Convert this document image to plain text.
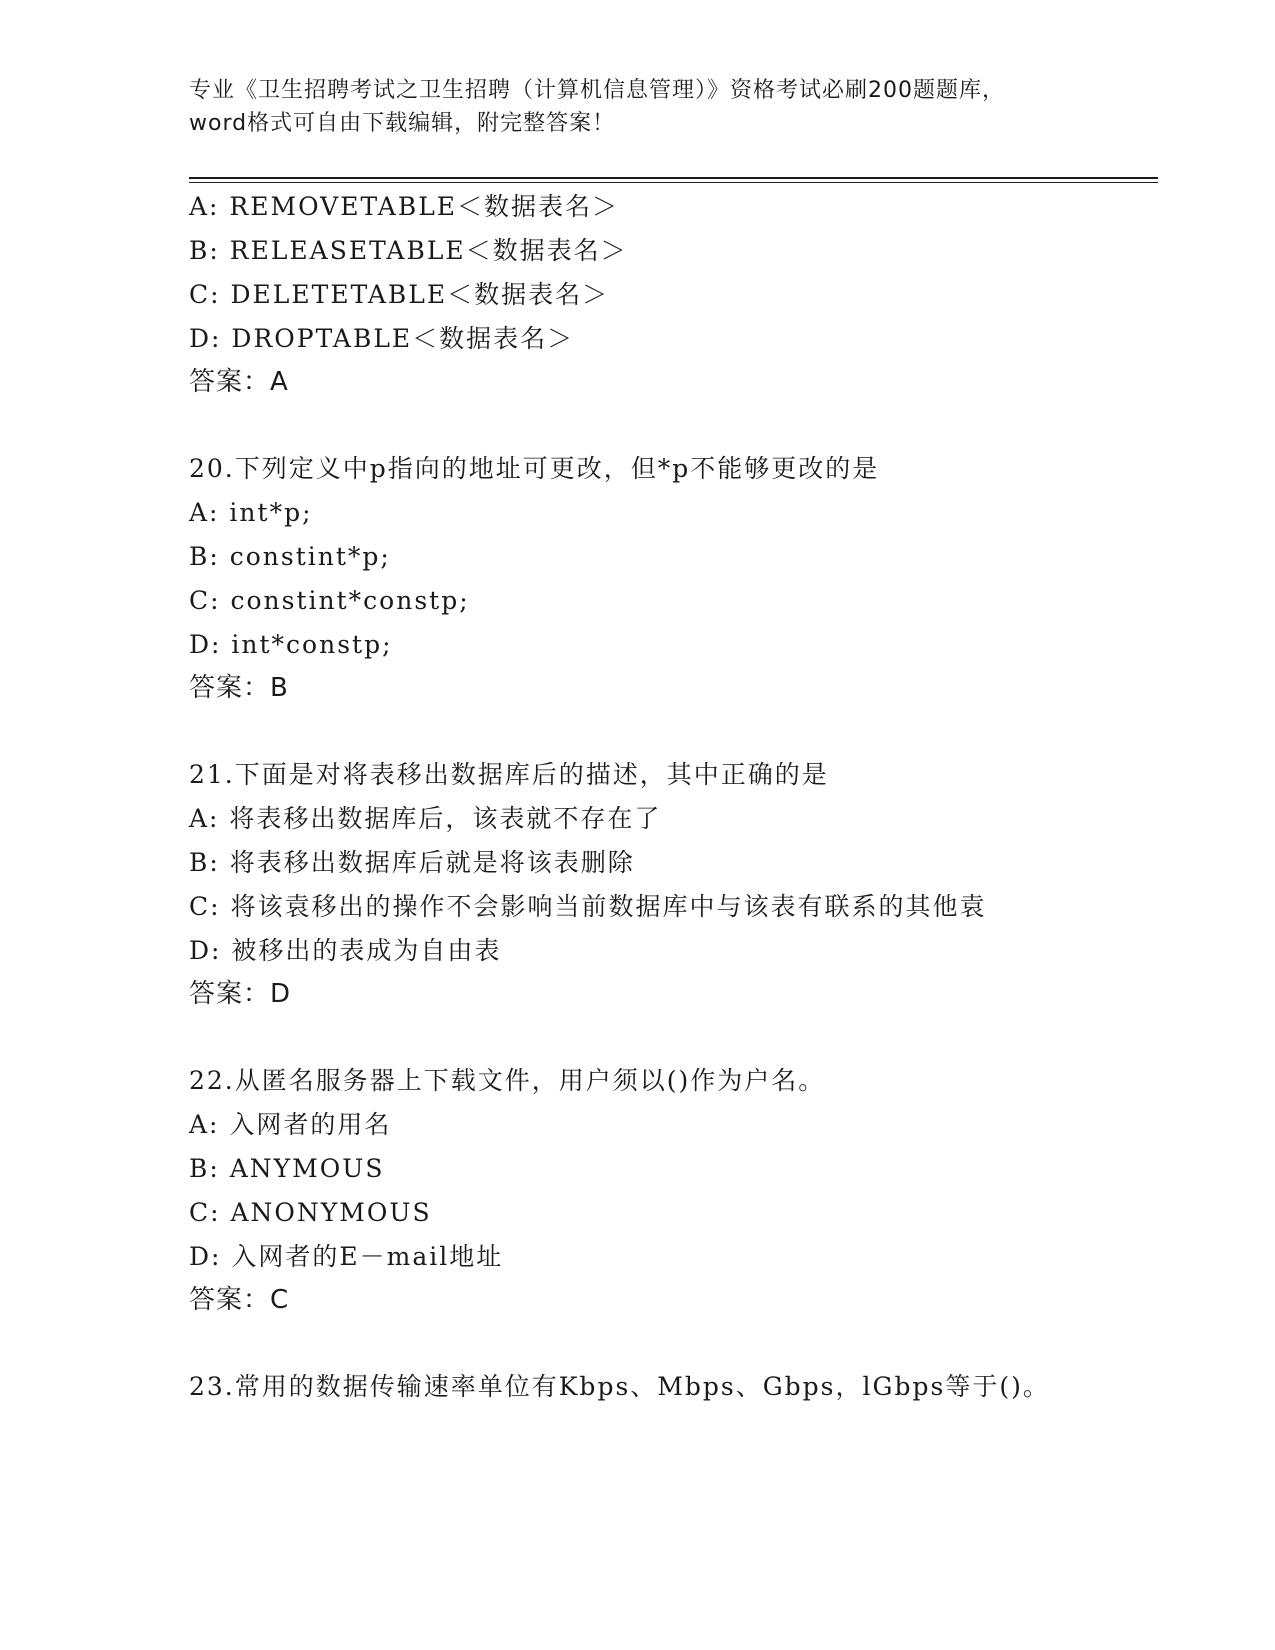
专业《卫生招聘考试之卫生招聘（计算机信息管理）》资格考试必刷200题题库，
word格式可自由下载编辑，附完整答案！
A: REMOVETABLE＜数据表名＞
B: RELEASETABLE＜数据表名＞
C: DELETETABLE＜数据表名＞
D: DROPTABLE＜数据表名＞
答案：A
20.下列定义中p指向的地址可更改，但*p不能够更改的是
A: int*p;
B: constint*p;
C: constint*constp;
D: int*constp;
答案：B
21.下面是对将表移出数据库后的描述，其中正确的是
A: 将表移出数据库后，该表就不存在了
B: 将表移出数据库后就是将该表删除
C: 将该袁移出的操作不会影响当前数据库中与该表有联系的其他袁
D: 被移出的表成为自由表
答案：D
22.从匿名服务器上下载文件，用户须以()作为户名。
A: 入网者的用名
B: ANYMOUS
C: ANONYMOUS
D: 入网者的E－mail地址
答案：C
23.常用的数据传输速率单位有Kbps、Mbps、Gbps，lGbps等于()。
